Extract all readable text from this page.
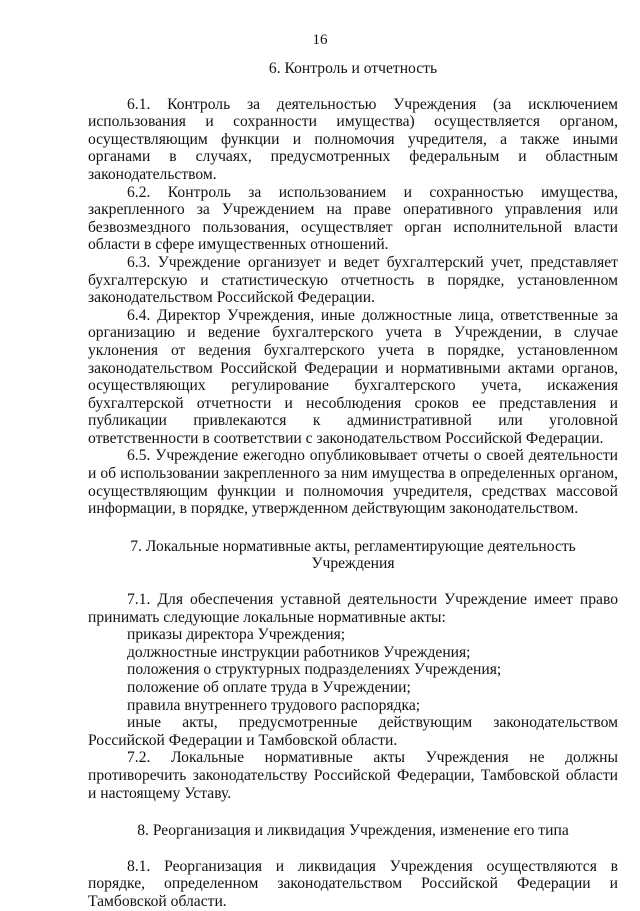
16

6. Контроль и отчетность

6.1. Контроль за деятельностью Учреждения (за исключением использования и сохранности имущества) осуществляется органом, осуществляющим функции и полномочия учредителя, а также иными органами в случаях, предусмотренных федеральным и областным законодательством.

6.2. Контроль за использованием и сохранностью имущества, закрепленного за Учреждением на праве оперативного управления или безвозмездного пользования, осуществляет орган исполнительной власти области в сфере имущественных отношений.

6.3. Учреждение организует и ведет бухгалтерский учет, представляет бухгалтерскую и статистическую отчетность в порядке, установленном законодательством Российской Федерации.

6.4. Директор Учреждения, иные должностные лица, ответственные за организацию и ведение бухгалтерского учета в Учреждении, в случае уклонения от ведения бухгалтерского учета в порядке, установленном законодательством Российской Федерации и нормативными актами органов, осуществляющих регулирование бухгалтерского учета, искажения бухгалтерской отчетности и несоблюдения сроков ее представления и публикации привлекаются к административной или уголовной ответственности в соответствии с законодательством Российской Федерации.

6.5. Учреждение ежегодно опубликовывает отчеты о своей деятельности и об использовании закрепленного за ним имущества в определенных органом, осуществляющим функции и полномочия учредителя, средствах массовой информации, в порядке, утвержденном действующим законодательством.

7. Локальные нормативные акты, регламентирующие деятельность
Учреждения

7.1. Для обеспечения уставной деятельности Учреждение имеет право принимать следующие локальные нормативные акты:

приказы директора Учреждения;

должностные инструкции работников Учреждения;

положения о структурных подразделениях Учреждения;

положение об оплате труда в Учреждении;

правила внутреннего трудового распорядка;

иные акты, предусмотренные действующим законодательством Российской Федерации и Тамбовской области.

7.2. Локальные нормативные акты Учреждения не должны противоречить законодательству Российской Федерации, Тамбовской области и настоящему Уставу.

8. Реорганизация и ликвидация Учреждения, изменение его типа

8.1. Реорганизация и ликвидация Учреждения осуществляются в порядке, определенном законодательством Российской Федерации и Тамбовской области.
